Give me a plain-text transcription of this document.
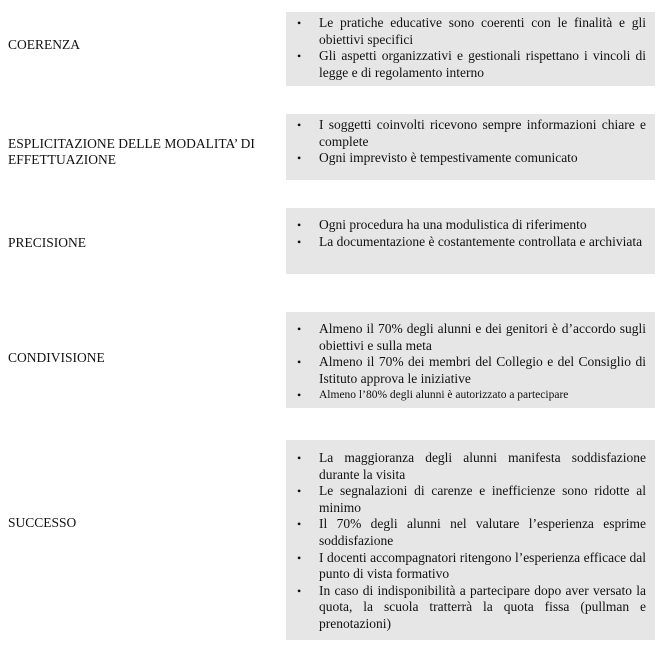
COERENZA
• Le pratiche educative sono coerenti con le finalità e gli obiettivi specifici
• Gli aspetti organizzativi e gestionali rispettano i vincoli di legge e di regolamento interno
ESPLICITAZIONE DELLE MODALITA’ DI EFFETTUAZIONE
• I soggetti coinvolti ricevono sempre informazioni chiare e complete
• Ogni imprevisto è tempestivamente comunicato
PRECISIONE
• Ogni procedura ha una modulistica di riferimento
• La documentazione è costantemente controllata e archiviata
CONDIVISIONE
• Almeno il 70% degli alunni e dei genitori è d’accordo sugli obiettivi e sulla meta
• Almeno il 70% dei membri del Collegio e del Consiglio di Istituto approva le iniziative
• Almeno l’80% degli alunni è autorizzato a partecipare
SUCCESSO
• La maggioranza degli alunni manifesta soddisfazione durante la visita
• Le segnalazioni di carenze e inefficienze sono ridotte al minimo
• Il 70% degli alunni nel valutare l’esperienza esprime soddisfazione
• I docenti accompagnatori ritengono l’esperienza efficace dal punto di vista formativo
• In caso di indisponibilità a partecipare dopo aver versato la quota, la scuola tratterrà la quota fissa (pullman e prenotazioni)
